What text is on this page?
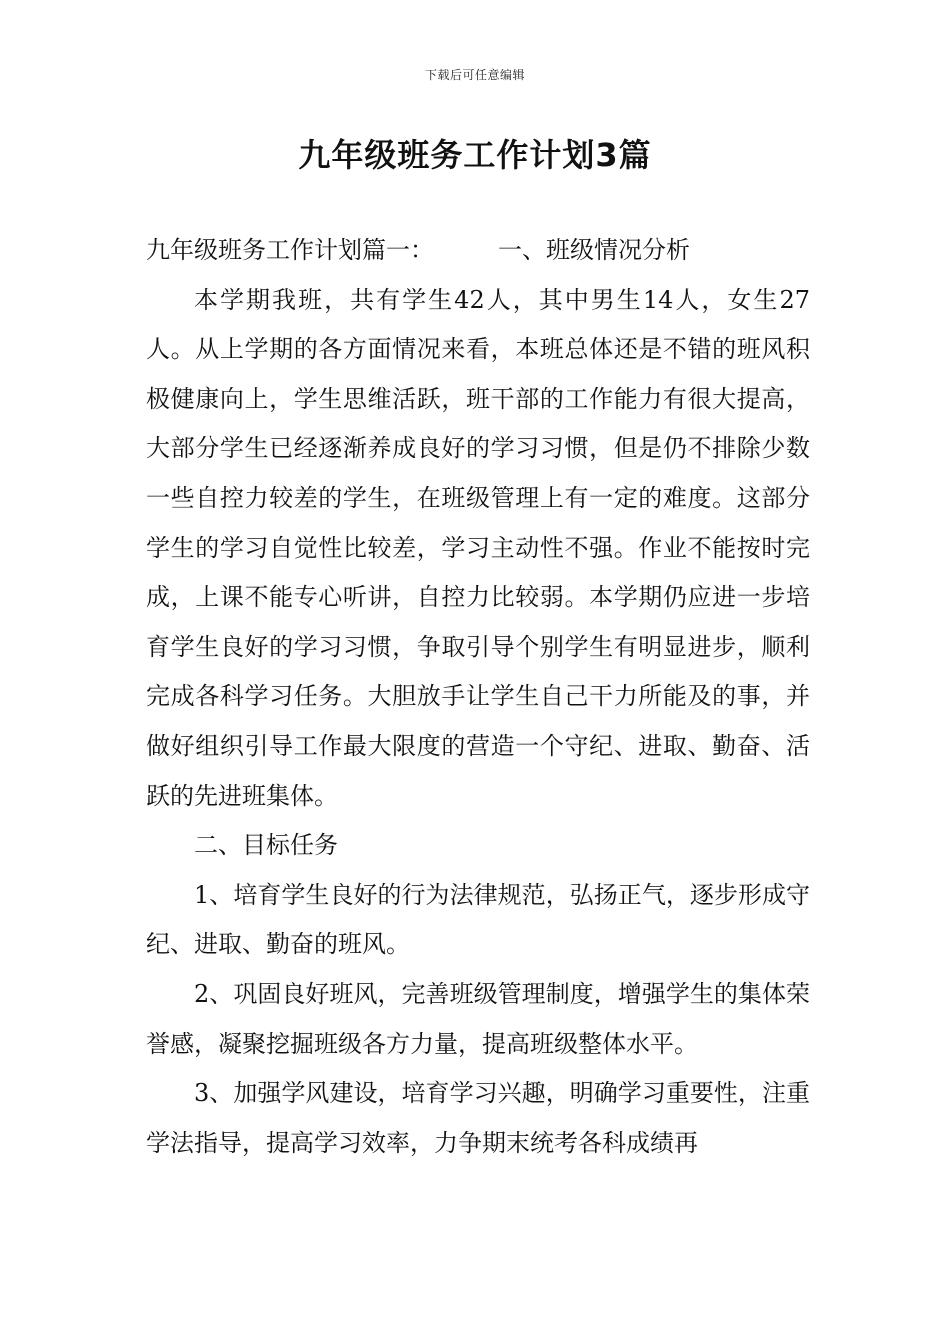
下载后可任意编辑
九年级班务工作计划3篇

九年级班务工作计划篇一：	一、班级情况分析

本学期我班，共有学生42人，其中男生14人，女生27人。从上学期的各方面情况来看，本班总体还是不错的班风积极健康向上，学生思维活跃，班干部的工作能力有很大提高，大部分学生已经逐渐养成良好的学习习惯，但是仍不排除少数一些自控力较差的学生，在班级管理上有一定的难度。这部分学生的学习自觉性比较差，学习主动性不强。作业不能按时完成，上课不能专心听讲，自控力比较弱。本学期仍应进一步培育学生良好的学习习惯，争取引导个别学生有明显进步，顺利完成各科学习任务。大胆放手让学生自己干力所能及的事，并做好组织引导工作最大限度的营造一个守纪、进取、勤奋、活跃的先进班集体。

二、目标任务

1、培育学生良好的行为法律规范，弘扬正气，逐步形成守纪、进取、勤奋的班风。

2、巩固良好班风，完善班级管理制度，增强学生的集体荣誉感，凝聚挖掘班级各方力量，提高班级整体水平。

3、加强学风建设，培育学习兴趣，明确学习重要性，注重学法指导，提高学习效率，力争期末统考各科成绩再
